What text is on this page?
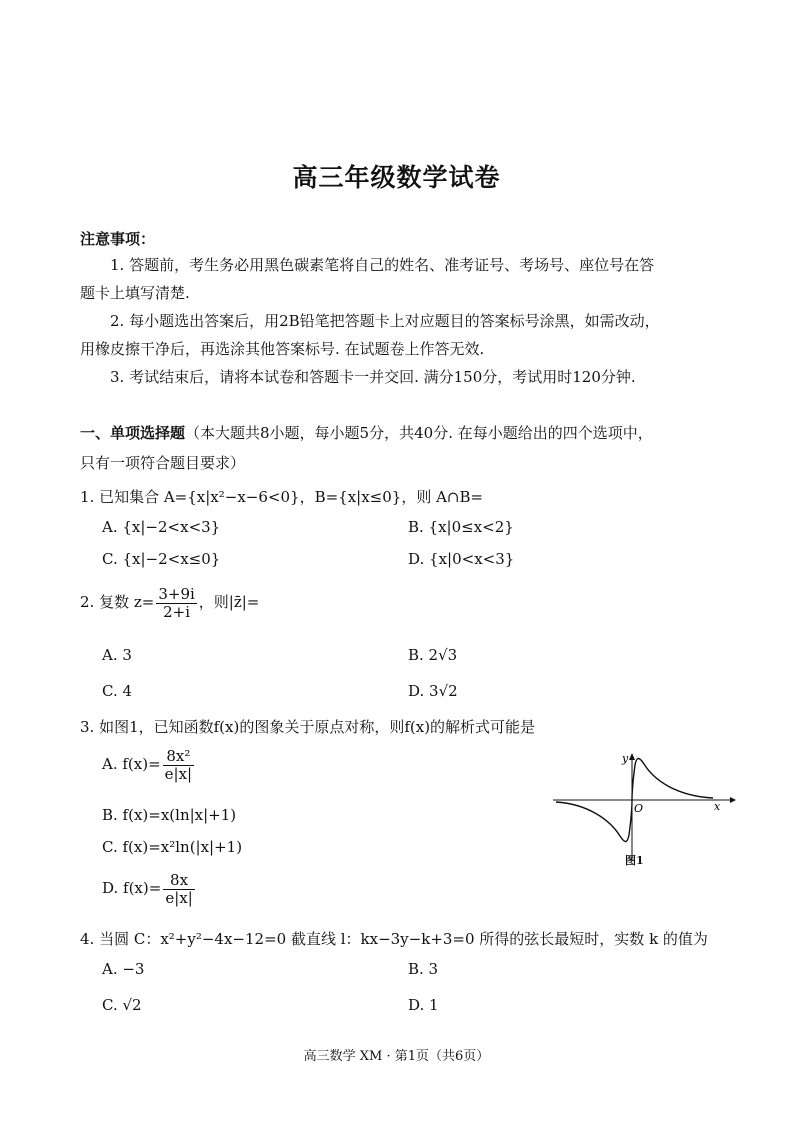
高三年级数学试卷
注意事项：
1. 答题前，考生务必用黑色碳素笔将自己的姓名、准考证号、考场号、座位号在答
题卡上填写清楚.
2. 每小题选出答案后，用2B铅笔把答题卡上对应题目的答案标号涂黑，如需改动，
用橡皮擦干净后，再选涂其他答案标号. 在试题卷上作答无效.
3. 考试结束后，请将本试卷和答题卡一并交回. 满分150分，考试用时120分钟.
一、单项选择题（本大题共8小题，每小题5分，共40分. 在每小题给出的四个选项中，
只有一项符合题目要求）
1. 已知集合 A={x|x²−x−6<0}，B={x|x≤0}，则 A∩B=
A. {x|−2<x<3}	B. {x|0≤x<2}
C. {x|−2<x≤0}	D. {x|0<x<3}
2. 复数 $z= \frac{3+9i}{2+i}$ ，则|z̄|=
A. 3	B. 2√3
C. 4	D. 3√2
3. 如图1，已知函数f(x)的图象关于原点对称，则f(x)的解析式可能是
A. $f(x)= \frac{\text{8x²}}{e|x|}$
B. f(x)=x(ln|x|+1)
C. f(x)=x²ln(|x|+1)
D. $f(x)= \frac{8x}{e|x|}$
O	x
y
图1
4. 当圆 C：x²+y²−4x−12=0 截直线 l：kx−3y−k+3=0 所得的弦长最短时，实数 k 的值为
A. −3	B. 3
C. √2	D. 1
高三数学 XM · 第1页（共6页）
